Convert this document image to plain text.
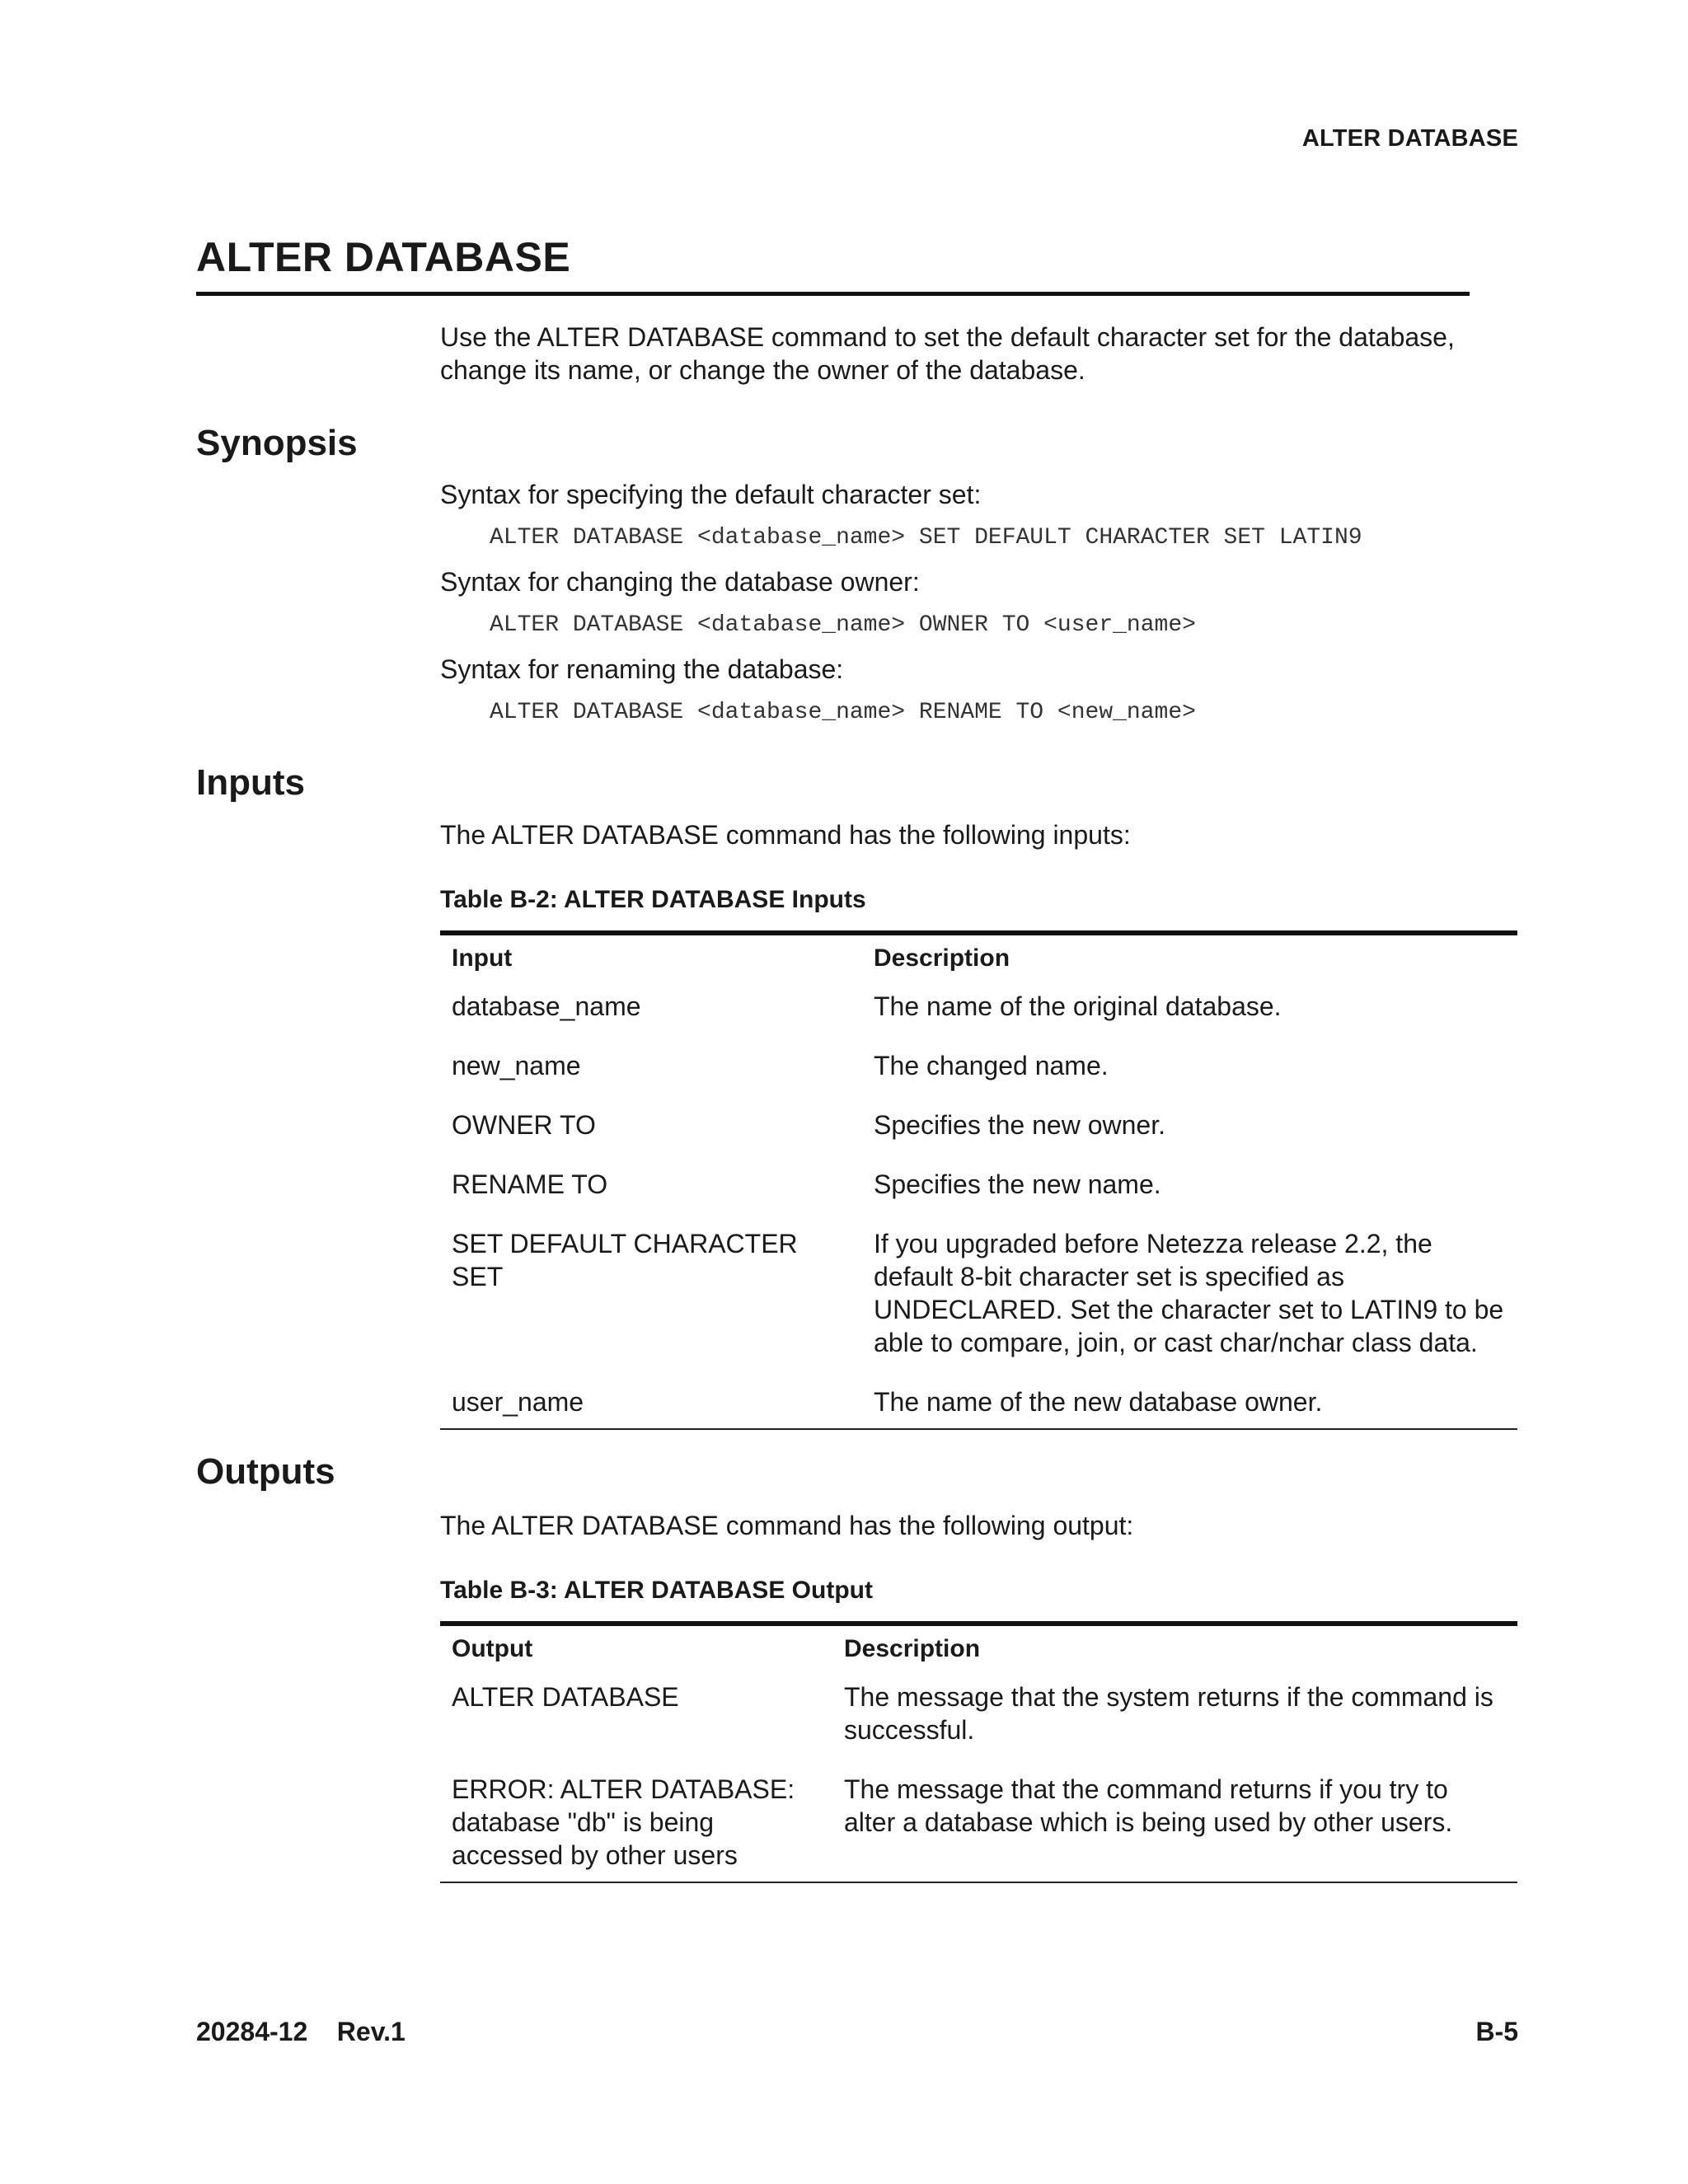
ALTER DATABASE
ALTER DATABASE

Use the ALTER DATABASE command to set the default character set for the database, change its name, or change the owner of the database.

Synopsis

Syntax for specifying the default character set:

ALTER DATABASE <database_name> SET DEFAULT CHARACTER SET LATIN9

Syntax for changing the database owner:

ALTER DATABASE <database_name> OWNER TO <user_name>

Syntax for renaming the database:

ALTER DATABASE <database_name> RENAME TO <new_name>

Inputs

The ALTER DATABASE command has the following inputs:

Table B-2: ALTER DATABASE Inputs

Input	Description
database_name	The name of the original database.
new_name	The changed name.
OWNER TO	Specifies the new owner.
RENAME TO	Specifies the new name.
SET DEFAULT CHARACTER SET	If you upgraded before Netezza release 2.2, the default 8-bit character set is specified as UNDECLARED. Set the character set to LATIN9 to be able to compare, join, or cast char/nchar class data.
user_name	The name of the new database owner.
Outputs

The ALTER DATABASE command has the following output:

Table B-3: ALTER DATABASE Output

Output	Description
ALTER DATABASE	The message that the system returns if the command is successful.
ERROR: ALTER DATABASE: database "db" is being accessed by other users	The message that the command returns if you try to alter a database which is being used by other users.
20284-12    Rev.1	B-5
